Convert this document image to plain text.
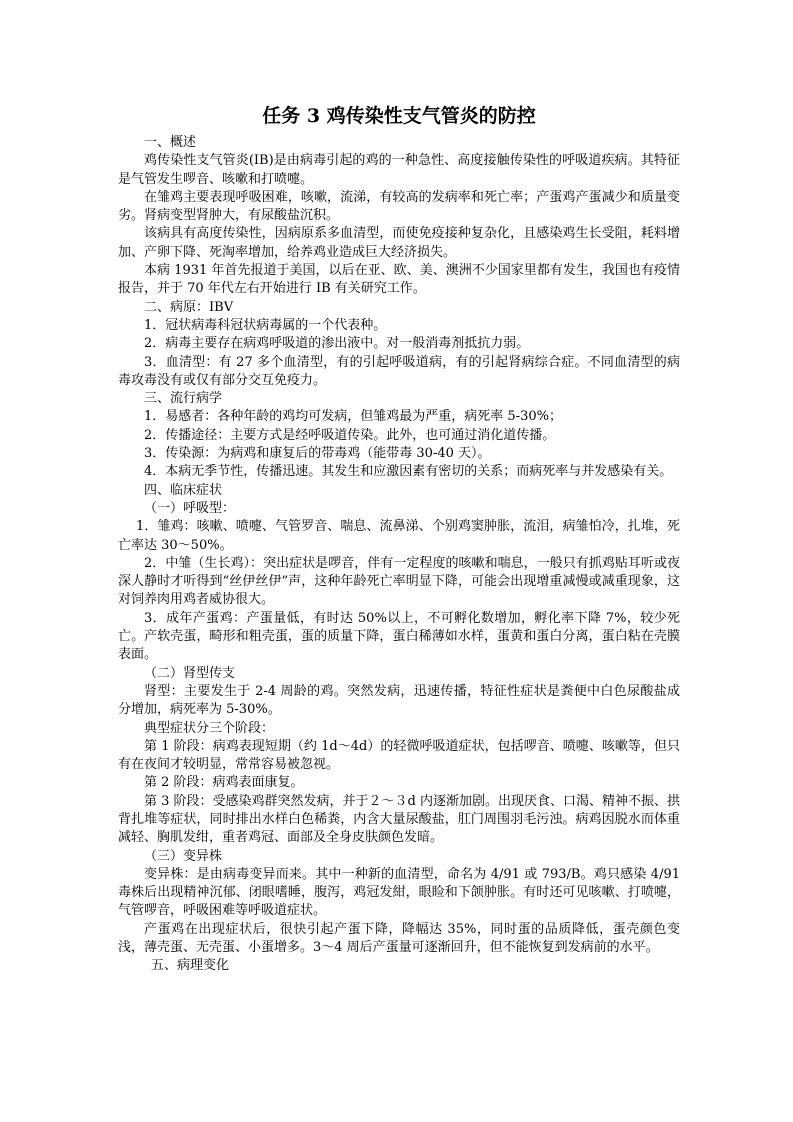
任务 3 鸡传染性支气管炎的防控

一、概述

鸡传染性支气管炎(IB)是由病毒引起的鸡的一种急性、高度接触传染性的呼吸道疾病。其特征是气管发生啰音、咳嗽和打喷嚏。

在雏鸡主要表现呼吸困难，咳嗽，流涕，有较高的发病率和死亡率；产蛋鸡产蛋减少和质量变劣。肾病变型肾肿大，有尿酸盐沉积。

该病具有高度传染性，因病原系多血清型，而使免疫接种复杂化，且感染鸡生长受阻，耗料增加、产卵下降、死淘率增加，给养鸡业造成巨大经济损失。

本病 1931 年首先报道于美国，以后在亚、欧、美、澳洲不少国家里都有发生，我国也有疫情报告，并于 70 年代左右开始进行 IB 有关研究工作。

二、病原：IBV

1．冠状病毒科冠状病毒属的一个代表种。

2．病毒主要存在病鸡呼吸道的渗出液中。对一般消毒剂抵抗力弱。

3．血清型：有 27 多个血清型，有的引起呼吸道病，有的引起肾病综合症。不同血清型的病毒攻毒没有或仅有部分交互免疫力。

三、流行病学

1．易感者：各种年龄的鸡均可发病，但雏鸡最为严重，病死率 5-30%；

2．传播途径：主要方式是经呼吸道传染。此外，也可通过消化道传播。

3．传染源：为病鸡和康复后的带毒鸡（能带毒 30-40 天）。

4．本病无季节性，传播迅速。其发生和应激因素有密切的关系；而病死率与并发感染有关。

四、临床症状

（一）呼吸型：

1．雏鸡：咳嗽、喷嚏、气管罗音、喘息、流鼻涕、个别鸡窦肿胀，流泪，病雏怕冷，扎堆，死亡率达 30～50%。

2．中雏（生长鸡）：突出症状是啰音，伴有一定程度的咳嗽和喘息，一般只有抓鸡贴耳听或夜深人静时才听得到“丝伊丝伊”声，这种年龄死亡率明显下降，可能会出现增重减慢或减重现象，这对饲养肉用鸡者威协很大。

3．成年产蛋鸡：产蛋量低，有时达 50%以上，不可孵化数增加，孵化率下降 7%，较少死亡。产软壳蛋，畸形和粗壳蛋，蛋的质量下降，蛋白稀薄如水样，蛋黄和蛋白分离，蛋白粘在壳膜表面。

（二）肾型传支

肾型：主要发生于 2-4 周龄的鸡。突然发病，迅速传播，特征性症状是粪便中白色尿酸盐成分增加，病死率为 5-30%。

典型症状分三个阶段：

第 1 阶段：病鸡表现短期（约 1d～4d）的轻微呼吸道症状，包括啰音、喷嚏、咳嗽等，但只有在夜间才较明显，常常容易被忽视。

第 2 阶段：病鸡表面康复。

第 3 阶段：受感染鸡群突然发病，并于２～３d 内逐渐加剧。出现厌食、口渴、精神不振、拱背扎堆等症状，同时排出水样白色稀粪，内含大量尿酸盐，肛门周围羽毛污浊。病鸡因脱水而体重减轻、胸肌发绀，重者鸡冠、面部及全身皮肤颜色发暗。

（三）变异株

变异株：是由病毒变异而来。其中一种新的血清型，命名为 4/91 或 793/B。鸡只感染 4/91 毒株后出现精神沉郁、闭眼嗜睡，腹泻，鸡冠发紺，眼睑和下颌肿胀。有时还可见咳嗽、打喷嚏，气管啰音，呼吸困难等呼吸道症状。

产蛋鸡在出现症状后，很快引起产蛋下降，降幅达 35%，同时蛋的品质降低，蛋壳颜色变浅，薄壳蛋、无壳蛋、小蛋增多。3～4 周后产蛋量可逐渐回升，但不能恢复到发病前的水平。

五、病理变化
